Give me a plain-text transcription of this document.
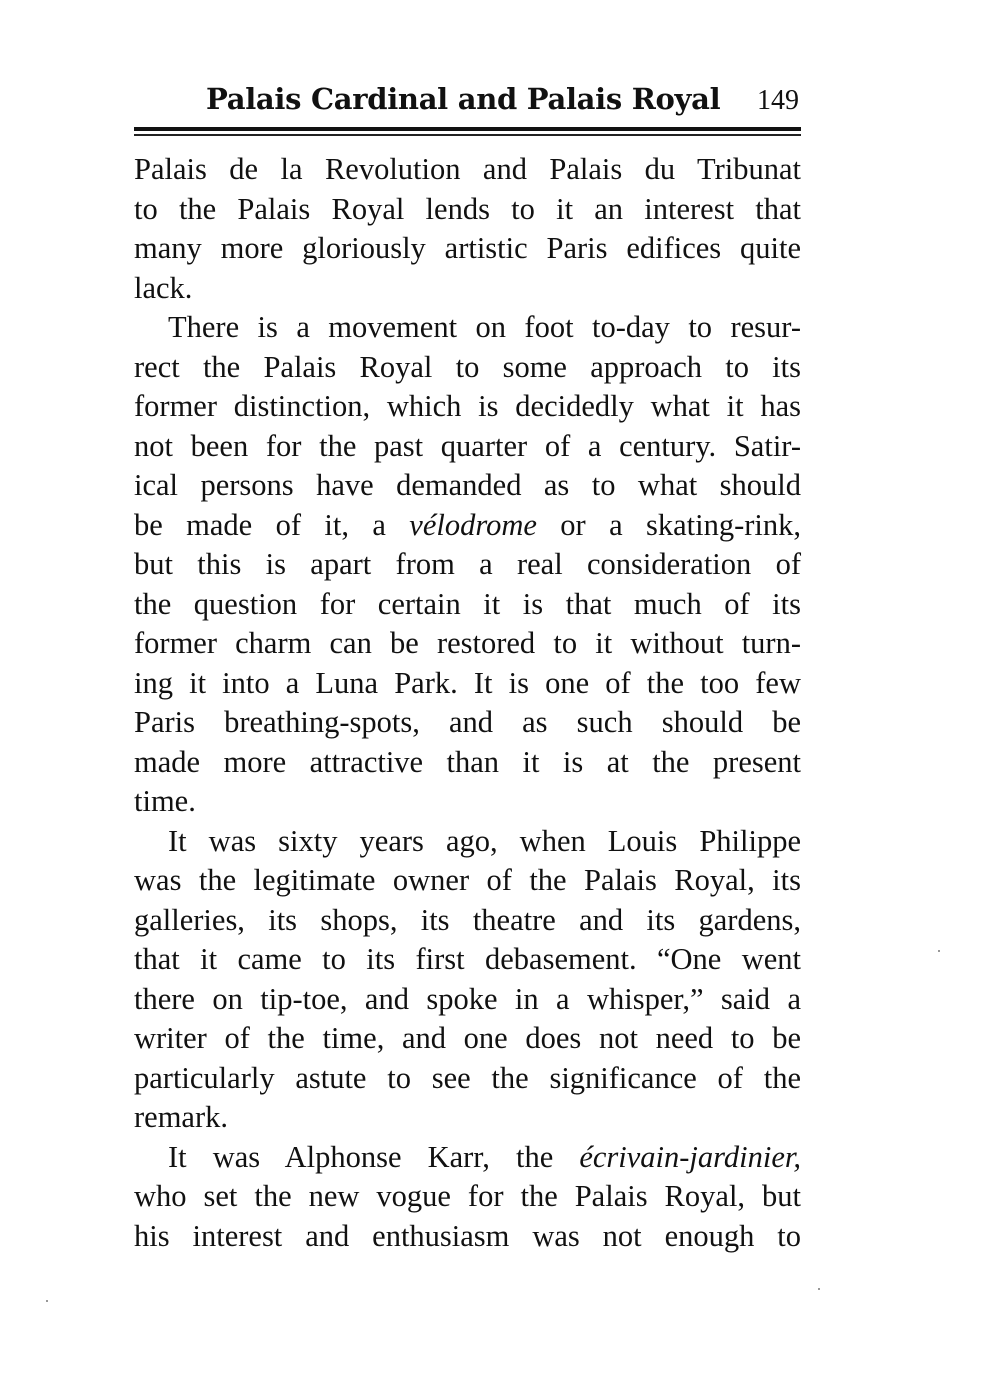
Palais Cardinal and Palais Royal 149

Palais de la Revolution and Palais du Tribunat
to the Palais Royal lends to it an interest that
many more gloriously artistic Paris edifices quite
lack.

There is a movement on foot to-day to resur-
rect the Palais Royal to some approach to its
former distinction, which is decidedly what it has
not been for the past quarter of a century. Satir-
ical persons have demanded as to what should
be made of it, a vélodrome or a skating-rink,
but this is apart from a real consideration of
the question for certain it is that much of its
former charm can be restored to it without turn-
ing it into a Luna Park. It is one of the too few
Paris breathing-spots, and as such should be
made more attractive than it is at the present
time.

It was sixty years ago, when Louis Philippe
was the legitimate owner of the Palais Royal, its
galleries, its shops, its theatre and its gardens,
that it came to its first debasement. “One went
there on tip-toe, and spoke in a whisper,” said a
writer of the time, and one does not need to be
particularly astute to see the significance of the
remark.

It was Alphonse Karr, the écrivain-jardinier,
who set the new vogue for the Palais Royal, but
his interest and enthusiasm was not enough to
